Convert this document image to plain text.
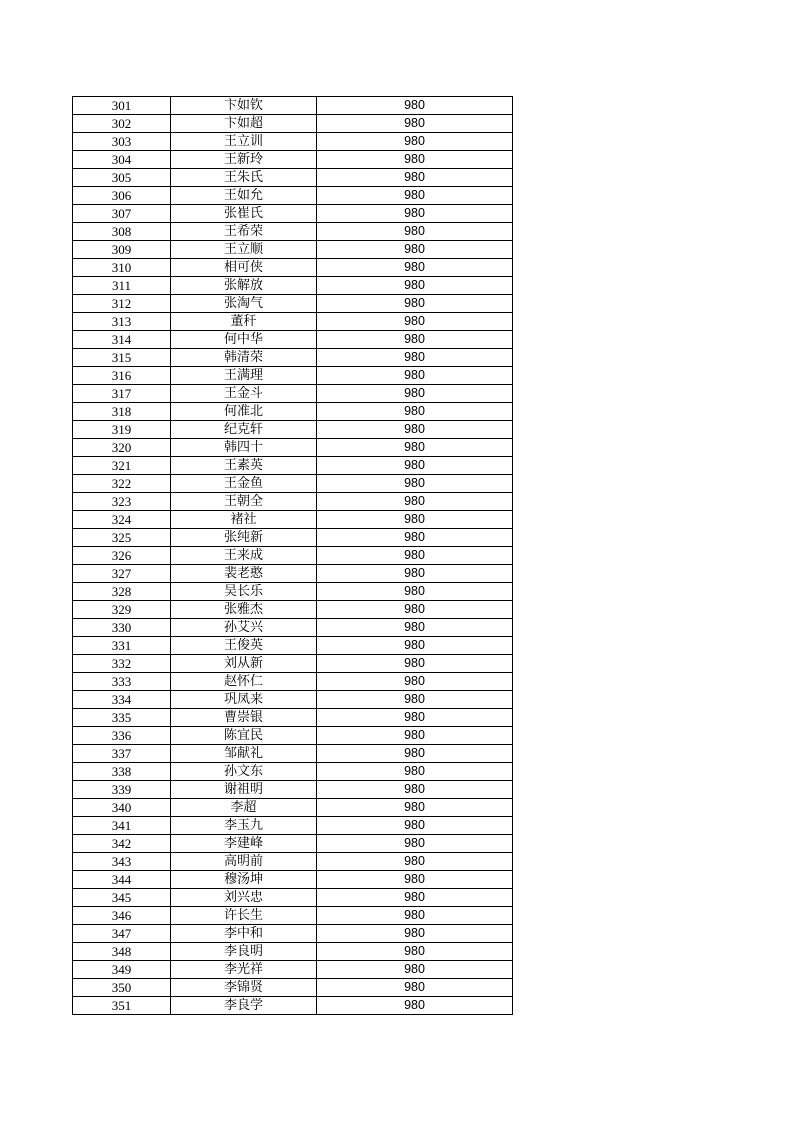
301	卞如钦	980
302	卞如超	980
303	王立训	980
304	王新玲	980
305	王朱氏	980
306	王如允	980
307	张崔氏	980
308	王希荣	980
309	王立顺	980
310	相可侠	980
311	张解放	980
312	张淘气	980
313	董秆	980
314	何中华	980
315	韩清荣	980
316	王满理	980
317	王金斗	980
318	何准北	980
319	纪克轩	980
320	韩四十	980
321	王素英	980
322	王金鱼	980
323	王朝全	980
324	褚社	980
325	张纯新	980
326	王来成	980
327	裴老憨	980
328	吴长乐	980
329	张雅杰	980
330	孙艾兴	980
331	王俊英	980
332	刘从新	980
333	赵怀仁	980
334	巩凤来	980
335	曹崇银	980
336	陈宜民	980
337	邹献礼	980
338	孙文东	980
339	谢祖明	980
340	李超	980
341	李玉九	980
342	李建峰	980
343	高明前	980
344	穆汤坤	980
345	刘兴忠	980
346	许长生	980
347	李中和	980
348	李良明	980
349	李光祥	980
350	李锦贤	980
351	李良学	980
